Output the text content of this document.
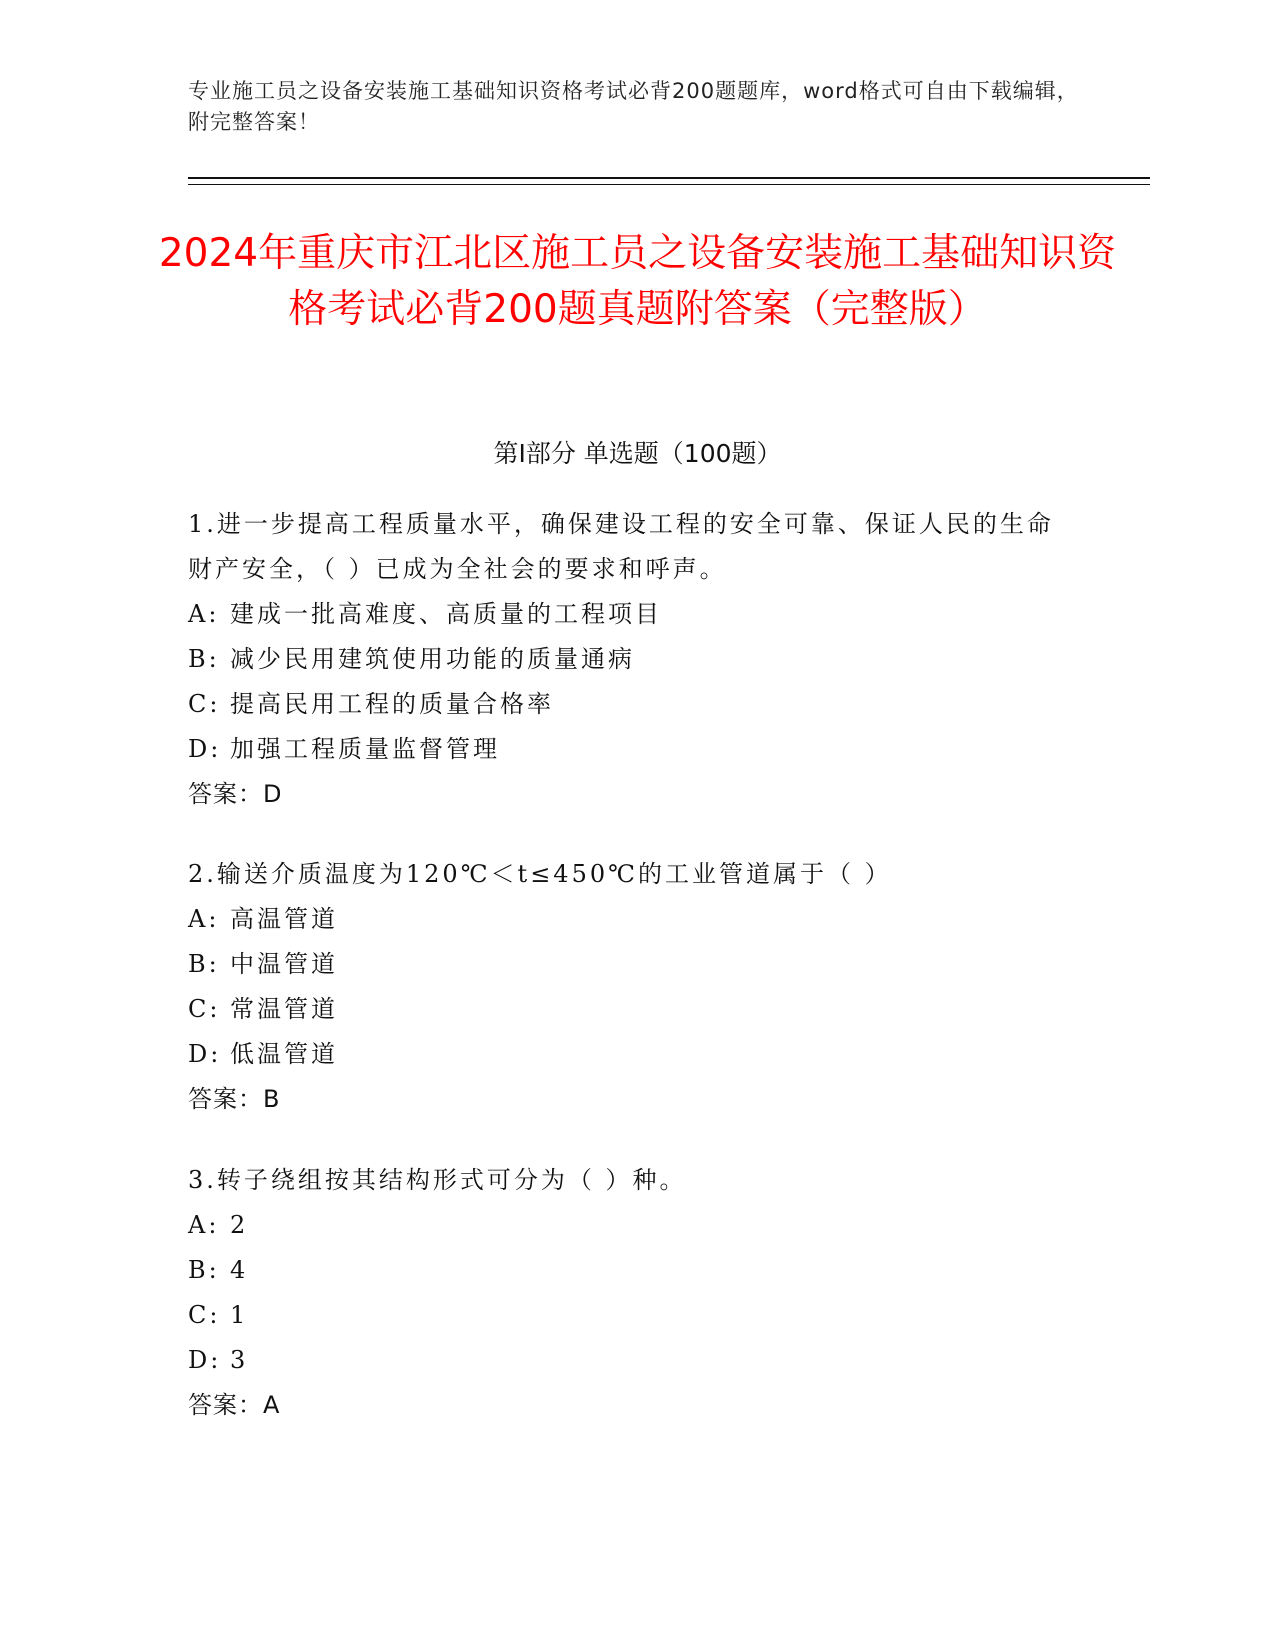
专业施工员之设备安装施工基础知识资格考试必背200题题库，word格式可自由下载编辑，附完整答案！
2024年重庆市江北区施工员之设备安装施工基础知识资格考试必背200题真题附答案（完整版）
第Ⅰ部分 单选题（100题）

1.进一步提高工程质量水平，确保建设工程的安全可靠、保证人民的生命财产安全，（ ）已成为全社会的要求和呼声。

A: 建成一批高难度、高质量的工程项目

B: 减少民用建筑使用功能的质量通病

C: 提高民用工程的质量合格率

D: 加强工程质量监督管理

答案：D

2.输送介质温度为120℃＜t≤450℃的工业管道属于（ ）

A: 高温管道

B: 中温管道

C: 常温管道

D: 低温管道

答案：B

3.转子绕组按其结构形式可分为（ ）种。

A: 2

B: 4

C: 1

D: 3

答案：A
